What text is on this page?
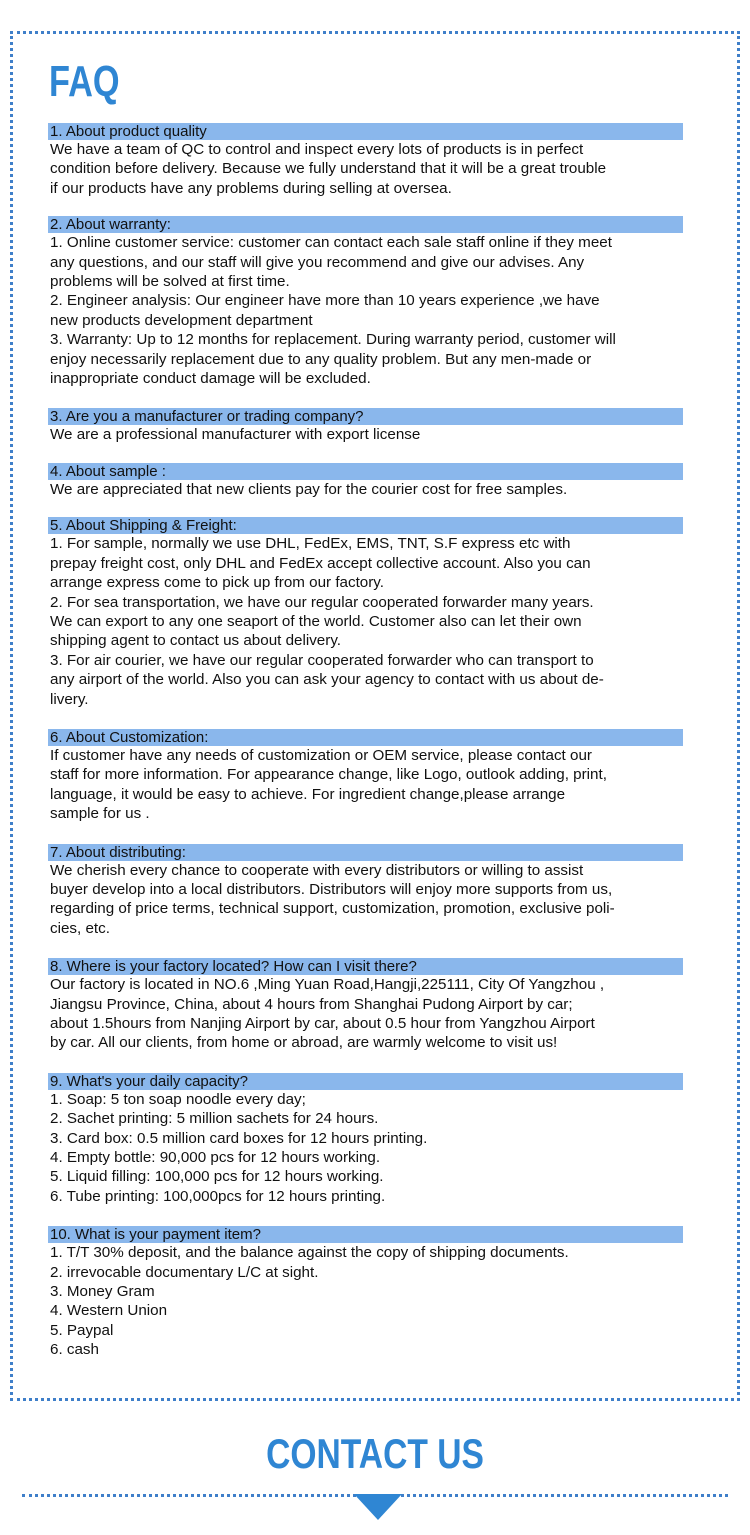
FAQ
1. About product quality
We have a team of QC to control and inspect every lots of products is in perfect
condition before delivery. Because we fully understand that it will be a great trouble
if our products have any problems during selling at oversea.
2. About warranty:
1. Online customer service: customer can contact each sale staff online if they meet
any questions, and our staff will give you recommend and give our advises. Any
problems will be solved at first time.
2. Engineer analysis: Our engineer have more than 10 years experience ,we have
new products development department
3. Warranty: Up to 12 months for replacement. During warranty period, customer will
enjoy necessarily replacement due to any quality problem. But any men-made or
inappropriate conduct damage will be excluded.
3. Are you a manufacturer or trading company?
We are a professional manufacturer with export license
4. About sample :
We are appreciated that new clients pay for the courier cost for free samples.
5. About Shipping & Freight:
1. For sample, normally we use DHL, FedEx, EMS, TNT, S.F express etc with
prepay freight cost, only DHL and FedEx accept collective account. Also you can
arrange express come to pick up from our factory.
2. For sea transportation, we have our regular cooperated forwarder many years.
We can export to any one seaport of the world. Customer also can let their own
shipping agent to contact us about delivery.
3. For air courier, we have our regular cooperated forwarder who can transport to
any airport of the world. Also you can ask your agency to contact with us about de-
livery.
6. About Customization:
If customer have any needs of customization or OEM service, please contact our
staff for more information. For appearance change, like Logo, outlook adding, print,
language, it would be easy to achieve. For ingredient change,please arrange
sample for us .
7. About distributing:
We cherish every chance to cooperate with every distributors or willing to assist
buyer develop into a local distributors. Distributors will enjoy more supports from us,
regarding of price terms, technical support, customization, promotion, exclusive poli-
cies, etc.
8. Where is your factory located? How can I visit there?
Our factory is located in NO.6 ,Ming Yuan Road,Hangji,225111, City Of Yangzhou ,
Jiangsu Province, China, about 4 hours from Shanghai Pudong Airport by car;
about 1.5hours from Nanjing Airport by car, about 0.5 hour from Yangzhou Airport
by car. All our clients, from home or abroad, are warmly welcome to visit us!
9. What's your daily capacity?
1. Soap: 5 ton soap noodle every day;
2. Sachet printing: 5 million sachets for 24 hours.
3. Card box: 0.5 million card boxes for 12 hours printing.
4. Empty bottle: 90,000 pcs for 12 hours working.
5. Liquid filling: 100,000 pcs for 12 hours working.
6. Tube printing: 100,000pcs for 12 hours printing.
10. What is your payment item?
1. T/T 30% deposit, and the balance against the copy of shipping documents.
2. irrevocable documentary L/C at sight.
3. Money Gram
4. Western Union
5. Paypal
6. cash
CONTACT US
